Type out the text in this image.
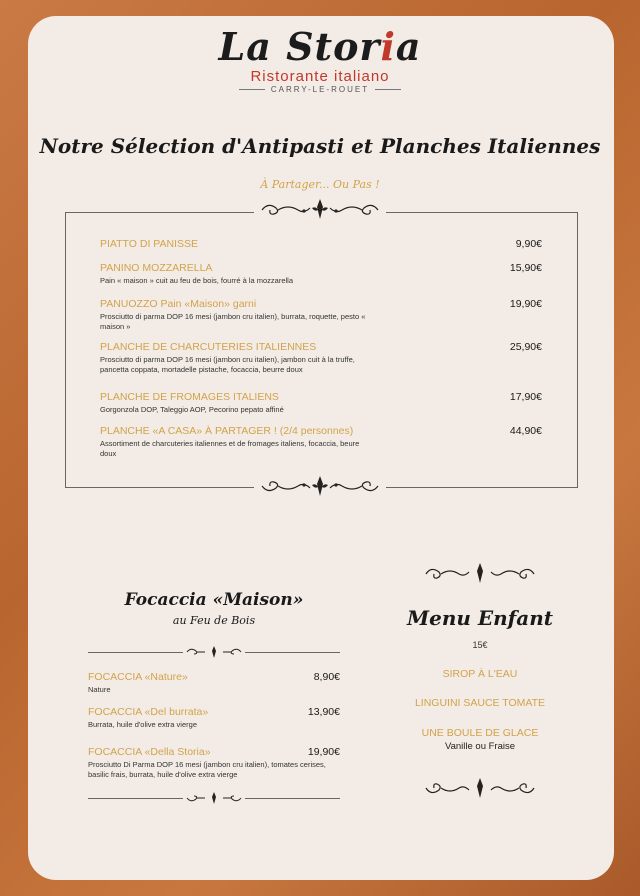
La Storia
Ristorante italiano
CARRY-LE-ROUET
Notre Sélection d'Antipasti et Planches Italiennes
À Partager... Ou Pas !
PIATTO DI PANISSE	9,90€
PANINO MOZZARELLA
Pain « maison » cuit au feu de bois, fourré à la mozzarella
15,90€
PANUOZZO Pain «Maison» garni
Prosciutto di parma DOP 16 mesi (jambon cru italien), burrata, roquette, pesto « maison »
19,90€
PLANCHE DE CHARCUTERIES ITALIENNES
Prosciutto di parma DOP 16 mesi (jambon cru italien), jambon cuit à la truffe, pancetta coppata, mortadelle pistache, focaccia, beurre doux
25,90€
PLANCHE DE FROMAGES ITALIENS
Gorgonzola DOP, Taleggio AOP, Pecorino pepato affiné
17,90€
PLANCHE «A CASA» À PARTAGER ! (2/4 personnes)
Assortiment de charcuteries italiennes et de fromages italiens, focaccia, beure doux
44,90€
Focaccia «Maison»
au Feu de Bois
FOCACCIA «Nature»
Nature
8,90€
FOCACCIA «Del burrata»
Burrata, huile d'olive extra vierge
13,90€
FOCACCIA «Della Storia»
Prosciutto Di Parma DOP 16 mesi (jambon cru italien), tomates cerises, basilic frais, burrata, huile d'olive extra vierge
19,90€
Menu Enfant
15€
SIROP À L'EAU
LINGUINI SAUCE TOMATE
UNE BOULE DE GLACE
Vanille ou Fraise
